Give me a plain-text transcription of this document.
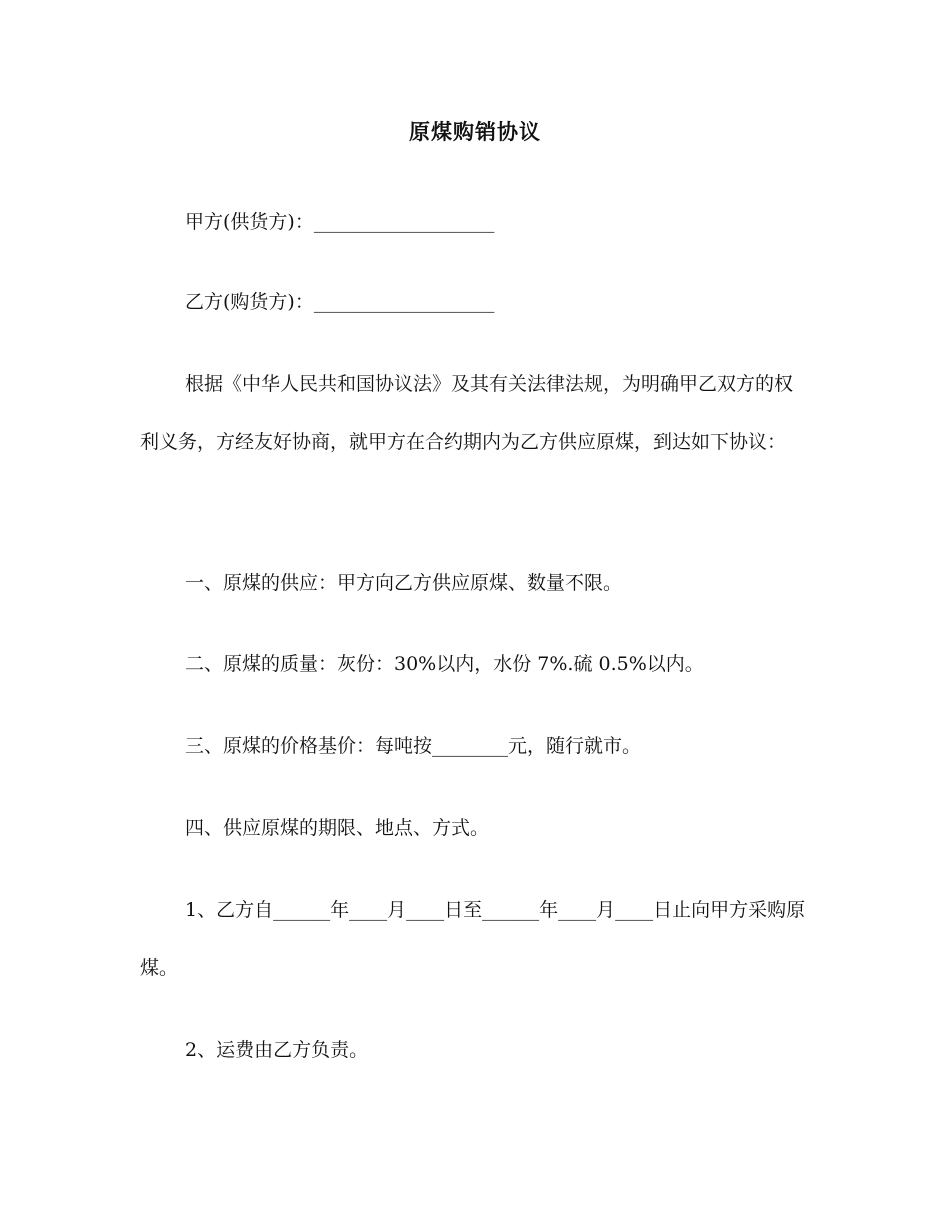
原煤购销协议

甲方(供货方)：___________________

乙方(购货方)：___________________

根据《中华人民共和国协议法》及其有关法律法规，为明确甲乙双方的权利义务，方经友好协商，就甲方在合约期内为乙方供应原煤，到达如下协议：

一、原煤的供应：甲方向乙方供应原煤、数量不限。

二、原煤的质量：灰份：30%以内，水份 7%.硫 0.5%以内。

三、原煤的价格基价：每吨按________元，随行就市。

四、供应原煤的期限、地点、方式。

1、乙方自______年____月____日至______年____月____日止向甲方采购原煤。

2、运费由乙方负责。
